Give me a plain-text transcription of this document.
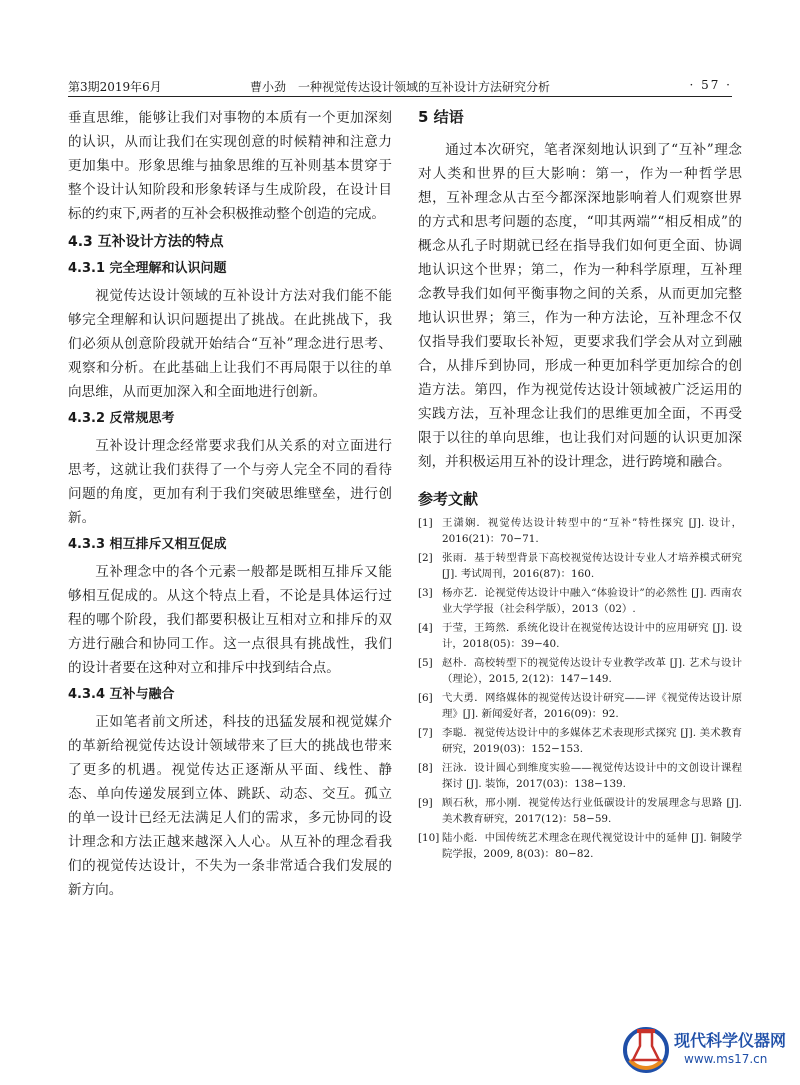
第3期2019年6月	曹小劲　一种视觉传达设计领域的互补设计方法研究分析	· 57 ·

垂直思维，能够让我们对事物的本质有一个更加深刻的认识，从而让我们在实现创意的时候精神和注意力更加集中。形象思维与抽象思维的互补则基本贯穿于整个设计认知阶段和形象转译与生成阶段，在设计目标的约束下,两者的互补会积极推动整个创造的完成。

4.3 互补设计方法的特点
4.3.1 完全理解和认识问题

视觉传达设计领域的互补设计方法对我们能不能够完全理解和认识问题提出了挑战。在此挑战下，我们必须从创意阶段就开始结合“互补”理念进行思考、观察和分析。在此基础上让我们不再局限于以往的单向思维，从而更加深入和全面地进行创新。

4.3.2 反常规思考

互补设计理念经常要求我们从关系的对立面进行思考，这就让我们获得了一个与旁人完全不同的看待问题的角度，更加有利于我们突破思维壁垒，进行创新。

4.3.3 相互排斥又相互促成

互补理念中的各个元素一般都是既相互排斥又能够相互促成的。从这个特点上看，不论是具体运行过程的哪个阶段，我们都要积极让互相对立和排斥的双方进行融合和协同工作。这一点很具有挑战性，我们的设计者要在这种对立和排斥中找到结合点。

4.3.4 互补与融合

正如笔者前文所述，科技的迅猛发展和视觉媒介的革新给视觉传达设计领域带来了巨大的挑战也带来了更多的机遇。视觉传达正逐渐从平面、线性、静态、单向传递发展到立体、跳跃、动态、交互。孤立的单一设计已经无法满足人们的需求，多元协同的设计理念和方法正越来越深入人心。从互补的理念看我们的视觉传达设计，不失为一条非常适合我们发展的新方向。

5 结语

通过本次研究，笔者深刻地认识到了“互补”理念对人类和世界的巨大影响：第一，作为一种哲学思想，互补理念从古至今都深深地影响着人们观察世界的方式和思考问题的态度，“叩其两端”“相反相成”的概念从孔子时期就已经在指导我们如何更全面、协调地认识这个世界；第二，作为一种科学原理，互补理念教导我们如何平衡事物之间的关系，从而更加完整地认识世界；第三，作为一种方法论，互补理念不仅仅指导我们要取长补短，更要求我们学会从对立到融合，从排斥到协同，形成一种更加科学更加综合的创造方法。第四，作为视觉传达设计领域被广泛运用的实践方法，互补理念让我们的思维更加全面，不再受限于以往的单向思维，也让我们对问题的认识更加深刻，并积极运用互补的设计理念，进行跨境和融合。

参考文献
[1] 王潇娴．视觉传达设计转型中的“互补”特性探究 [J]. 设计，2016(21)：70−71.
[2] 张雨．基于转型背景下高校视觉传达设计专业人才培养模式研究 [J]. 考试周刊，2016(87)：160.
[3] 杨亦艺．论视觉传达设计中融入“体验设计”的必然性 [J]. 西南农业大学学报（社会科学版），2013（02）.
[4] 于莹，王筠然．系统化设计在视觉传达设计中的应用研究 [J]. 设计，2018(05)：39−40.
[5] 赵朴．高校转型下的视觉传达设计专业教学改革 [J]. 艺术与设计（理论），2015, 2(12)：147−149.
[6] 弋大勇．网络媒体的视觉传达设计研究——评《视觉传达设计原理》[J]. 新闻爱好者，2016(09)：92.
[7] 李聪．视觉传达设计中的多媒体艺术表现形式探究 [J]. 美术教育研究，2019(03)：152−153.
[8] 汪泳．设计圆心到维度实验——视觉传达设计中的文创设计课程探讨 [J]. 装饰，2017(03)：138−139.
[9] 顾石秋，邢小刚．视觉传达行业低碳设计的发展理念与思路 [J]. 美术教育研究，2017(12)：58−59.
[10] 陆小彪．中国传统艺术理念在现代视觉设计中的延伸 [J]. 铜陵学院学报，2009, 8(03)：80−82.
现代科学仪器网
www.ms17.cn
